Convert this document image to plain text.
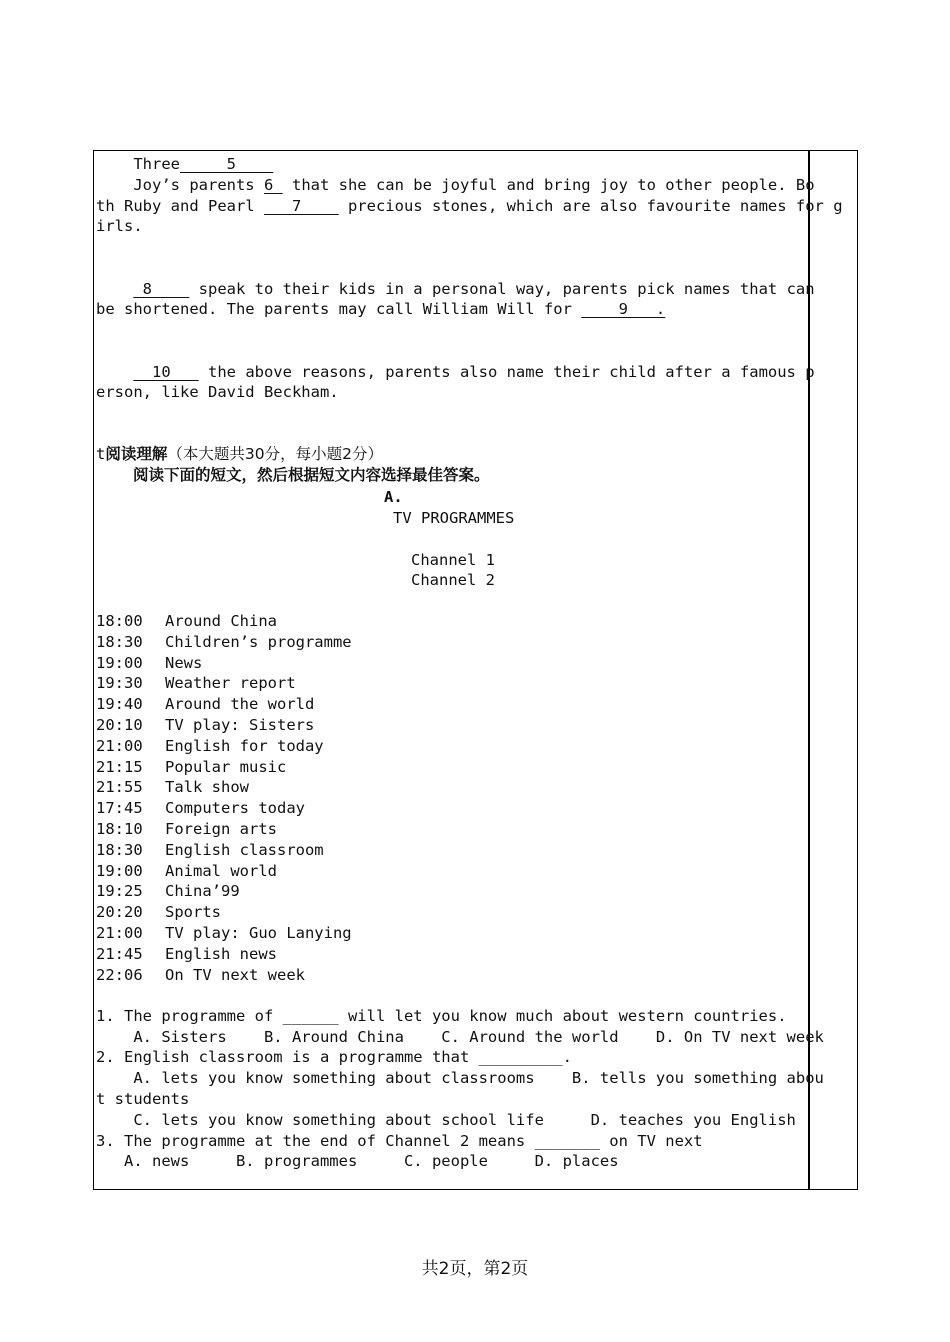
Three     5
Joy’s parents 6  that she can be joyful and bring joy to other people. Bo
th Ruby and Pearl    7     precious stones, which are also favourite names for g
irls.
8     speak to their kids in a personal way, parents pick names that can
be shortened. The parents may call William Will for     9   .
10    the above reasons, parents also name their child after a famous p
erson, like David Beckham.
t阅读理解（本大题共30分，每小题2分）
阅读下面的短文，然后根据短文内容选择最佳答案。
A.
TV PROGRAMMES
Channel 1
Channel 2
18:00	Around China
18:30	Children’s programme
19:00	News
19:30	Weather report
19:40	Around the world
20:10	TV play: Sisters
21:00	English for today
21:15	Popular music
21:55	Talk show
17:45	Computers today
18:10	Foreign arts
18:30	English classroom
19:00	Animal world
19:25	China’99
20:20	Sports
21:00	TV play: Guo Lanying
21:45	English news
22:06	On TV next week
1. The programme of ______ will let you know much about western countries.
A. Sisters    B. Around China    C. Around the world    D. On TV next week
2. English classroom is a programme that _________.
A. lets you know something about classrooms    B. tells you something abou
t students
C. lets you know something about school life     D. teaches you English
3. The programme at the end of Channel 2 means _______ on TV next
A. news     B. programmes     C. people     D. places
共2页，第2页
